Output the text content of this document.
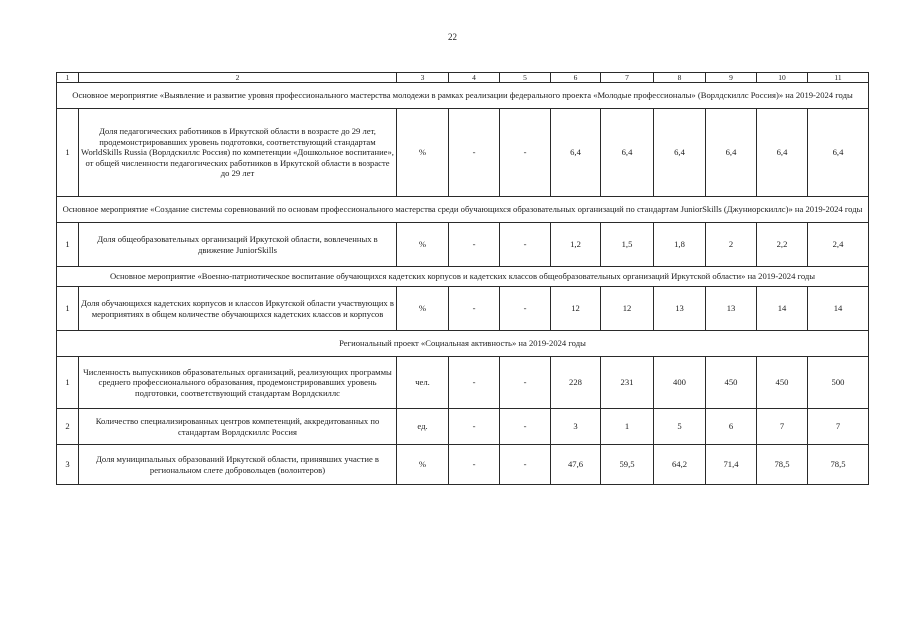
22
1	2	3	4	5	6	7	8	9	10	11
Основное мероприятие «Выявление и развитие уровня профессионального мастерства молодежи в рамках реализации федерального проекта «Молодые профессионалы» (Ворлдскиллс Россия)» на 2019-2024 годы										
1	Доля педагогических работников в Иркутской области в возрасте до 29 лет, продемонстрировавших уровень подготовки, соответствующий стандартам WorldSkills Russia (Ворлдскиллс Россия) по компетенции «Дошкольное воспитание», от общей численности педагогических работников в Иркутской области в возрасте до 29 лет	%	-	-	6,4	6,4	6,4	6,4	6,4	6,4
Основное мероприятие «Создание системы соревнований по основам профессионального мастерства среди обучающихся образовательных организаций по стандартам JuniorSkills (Джуниорскиллс)» на 2019-2024 годы										
1	Доля общеобразовательных организаций Иркутской области, вовлеченных в движение JuniorSkills	%	-	-	1,2	1,5	1,8	2	2,2	2,4
Основное мероприятие «Военно-патриотическое воспитание обучающихся кадетских корпусов и кадетских классов общеобразовательных организаций Иркутской области» на 2019-2024 годы										
1	Доля обучающихся кадетских корпусов и классов Иркутской области участвующих в мероприятиях в общем количестве обучающихся кадетских классов и корпусов	%	-	-	12	12	13	13	14	14
Региональный проект «Социальная активность» на 2019-2024 годы										
1	Численность выпускников образовательных организаций, реализующих программы среднего профессионального образования, продемонстрировавших уровень подготовки, соответствующий стандартам Ворлдскиллс	чел.	-	-	228	231	400	450	450	500
2	Количество специализированных центров компетенций, аккредитованных по стандартам Ворлдскиллс Россия	ед.	-	-	3	1	5	6	7	7
3	Доля муниципальных образований Иркутской области, принявших участие в региональном слете добровольцев (волонтеров)	%	-	-	47,6	59,5	64,2	71,4	78,5	78,5
